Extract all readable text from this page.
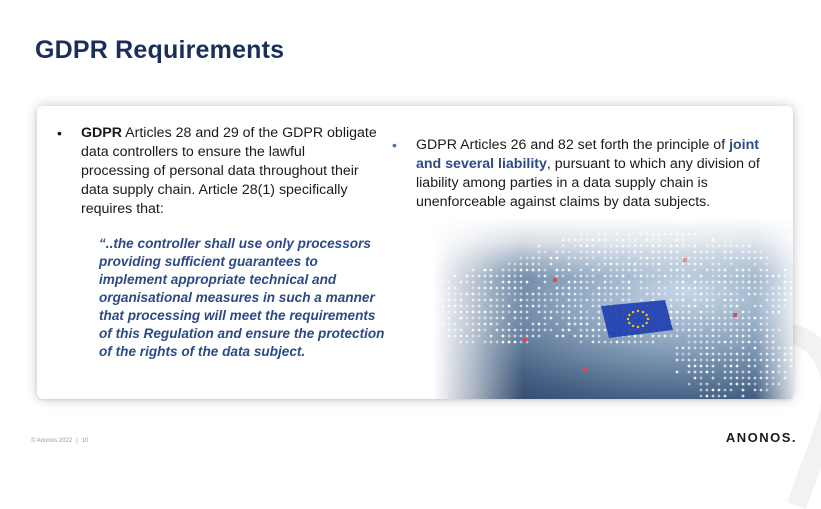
GDPR Requirements
•	GDPR Articles 28 and 29 of the GDPR obligate data controllers to ensure the lawful processing of personal data throughout their data supply chain. Article 28(1) specifically requires that:
“..the controller shall use only processors providing sufficient guarantees to implement appropriate technical and organisational measures in such a manner that processing will meet the requirements of this Regulation and ensure the protection of the rights of the data subject.
•	GDPR Articles 26 and 82 set forth the principle of joint and several liability, pursuant to which any division of liability among parties in a data supply chain is unenforceable against claims by data subjects.
© Anonos 2022 | 10	ANONOS.
